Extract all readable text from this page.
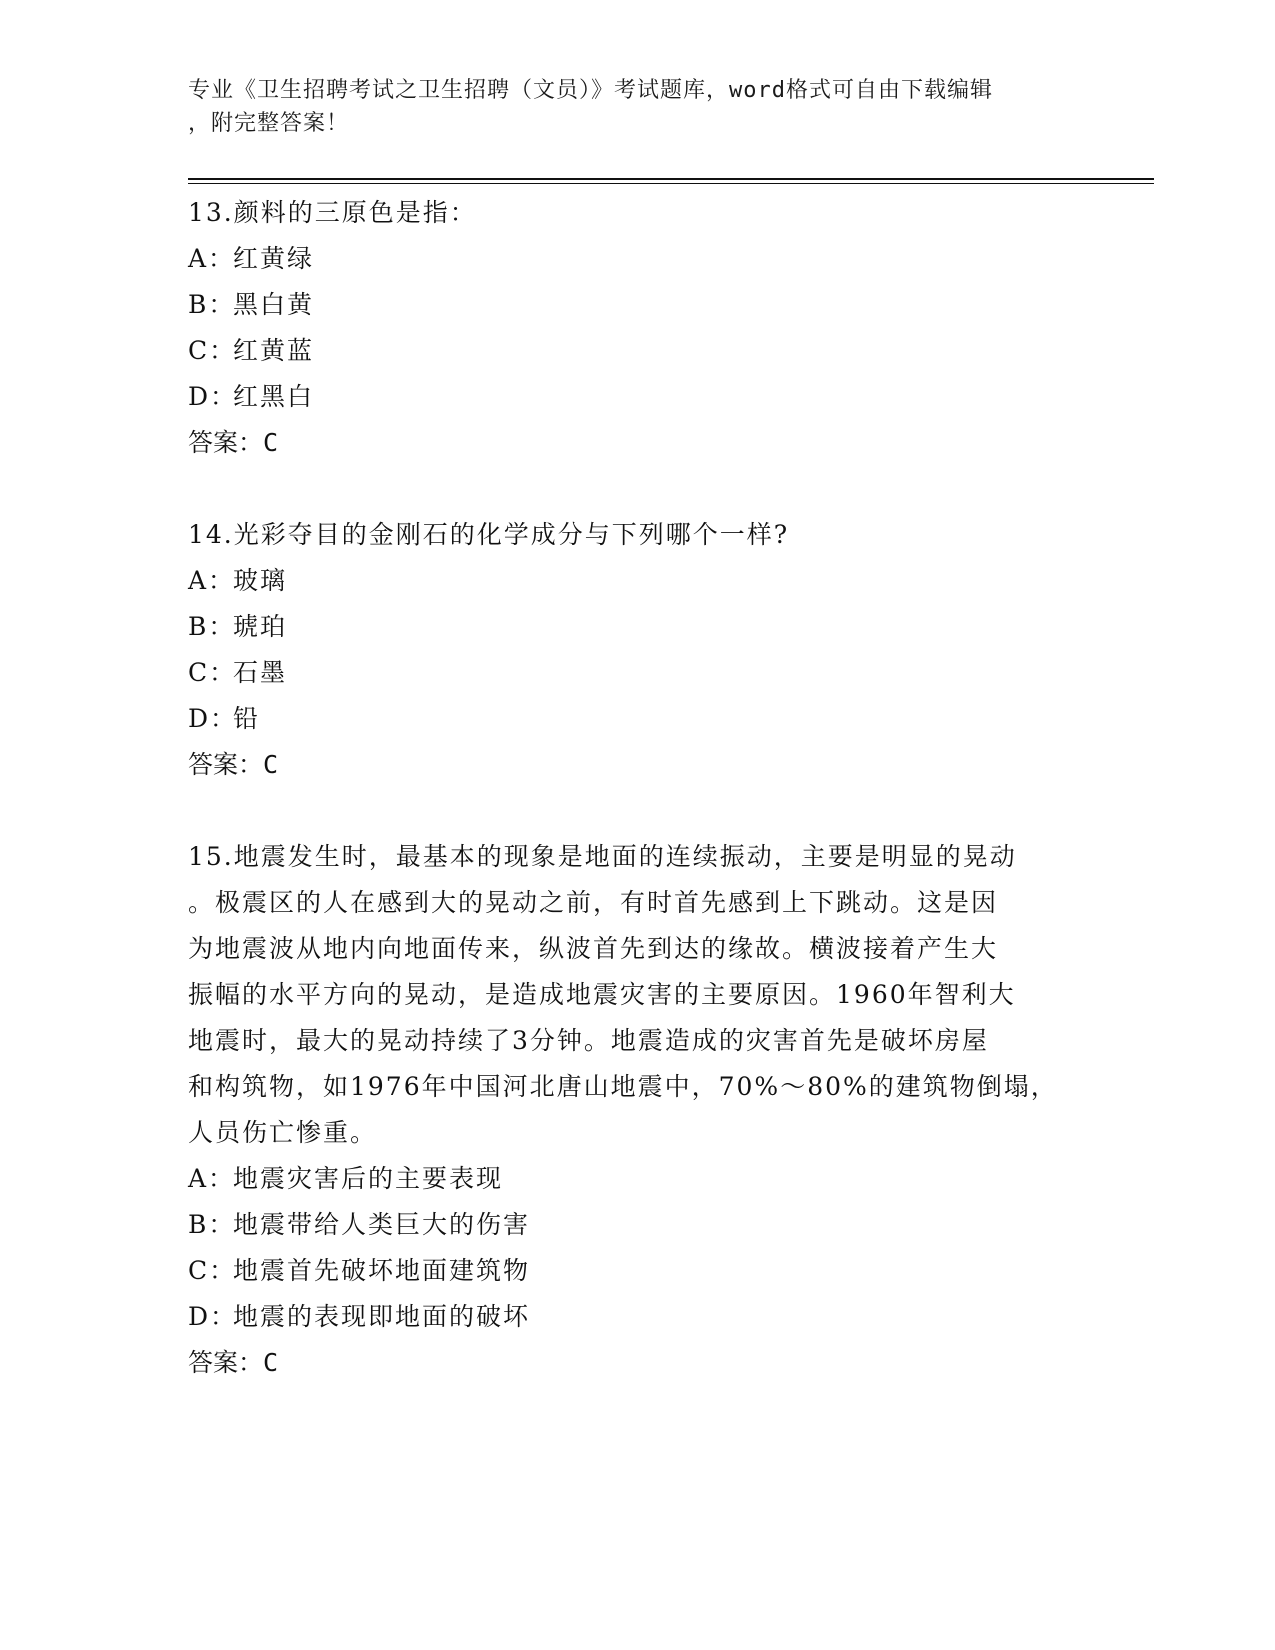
专业《卫生招聘考试之卫生招聘（文员）》考试题库，word格式可自由下载编辑
，附完整答案！
13.颜料的三原色是指：
A：红黄绿
B：黑白黄
C：红黄蓝
D：红黑白
答案：C
14.光彩夺目的金刚石的化学成分与下列哪个一样?
A：玻璃
B：琥珀
C：石墨
D：铅
答案：C
15.地震发生时，最基本的现象是地面的连续振动，主要是明显的晃动
。极震区的人在感到大的晃动之前，有时首先感到上下跳动。这是因
为地震波从地内向地面传来，纵波首先到达的缘故。横波接着产生大
振幅的水平方向的晃动，是造成地震灾害的主要原因。1960年智利大
地震时，最大的晃动持续了3分钟。地震造成的灾害首先是破坏房屋
和构筑物，如1976年中国河北唐山地震中，70%～80%的建筑物倒塌，
人员伤亡惨重。
A：地震灾害后的主要表现
B：地震带给人类巨大的伤害
C：地震首先破坏地面建筑物
D：地震的表现即地面的破坏
答案：C
